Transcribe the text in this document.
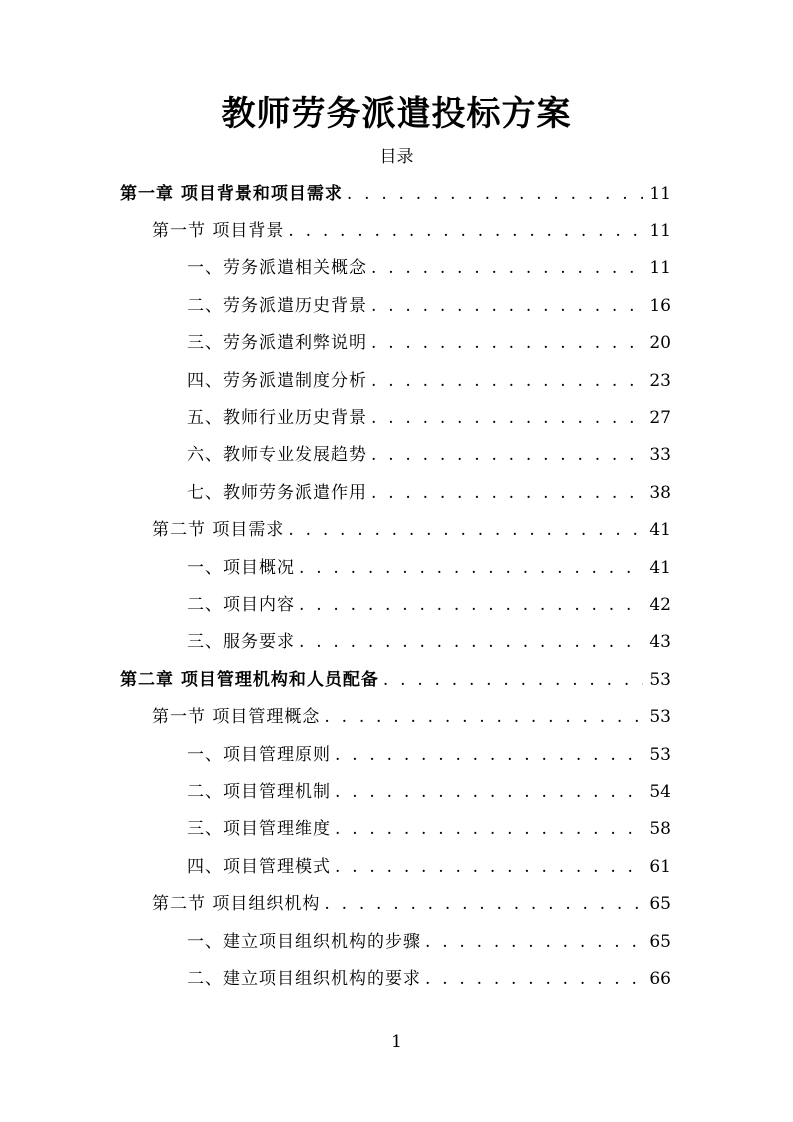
教师劳务派遣投标方案
目录
第一章 项目背景和项目需求 . . .	11
第一节 项目背景 . . .	11
一、劳务派遣相关概念 . . .	11
二、劳务派遣历史背景 . . .	16
三、劳务派遣利弊说明 . . .	20
四、劳务派遣制度分析 . . .	23
五、教师行业历史背景 . . .	27
六、教师专业发展趋势 . . .	33
七、教师劳务派遣作用 . . .	38
第二节 项目需求 . . .	41
一、项目概况 . . .	41
二、项目内容 . . .	42
三、服务要求 . . .	43
第二章 项目管理机构和人员配备 . . .	53
第一节 项目管理概念 . . .	53
一、项目管理原则 . . .	53
二、项目管理机制 . . .	54
三、项目管理维度 . . .	58
四、项目管理模式 . . .	61
第二节 项目组织机构 . . .	65
一、建立项目组织机构的步骤 . . .	65
二、建立项目组织机构的要求 . . .	66
1
